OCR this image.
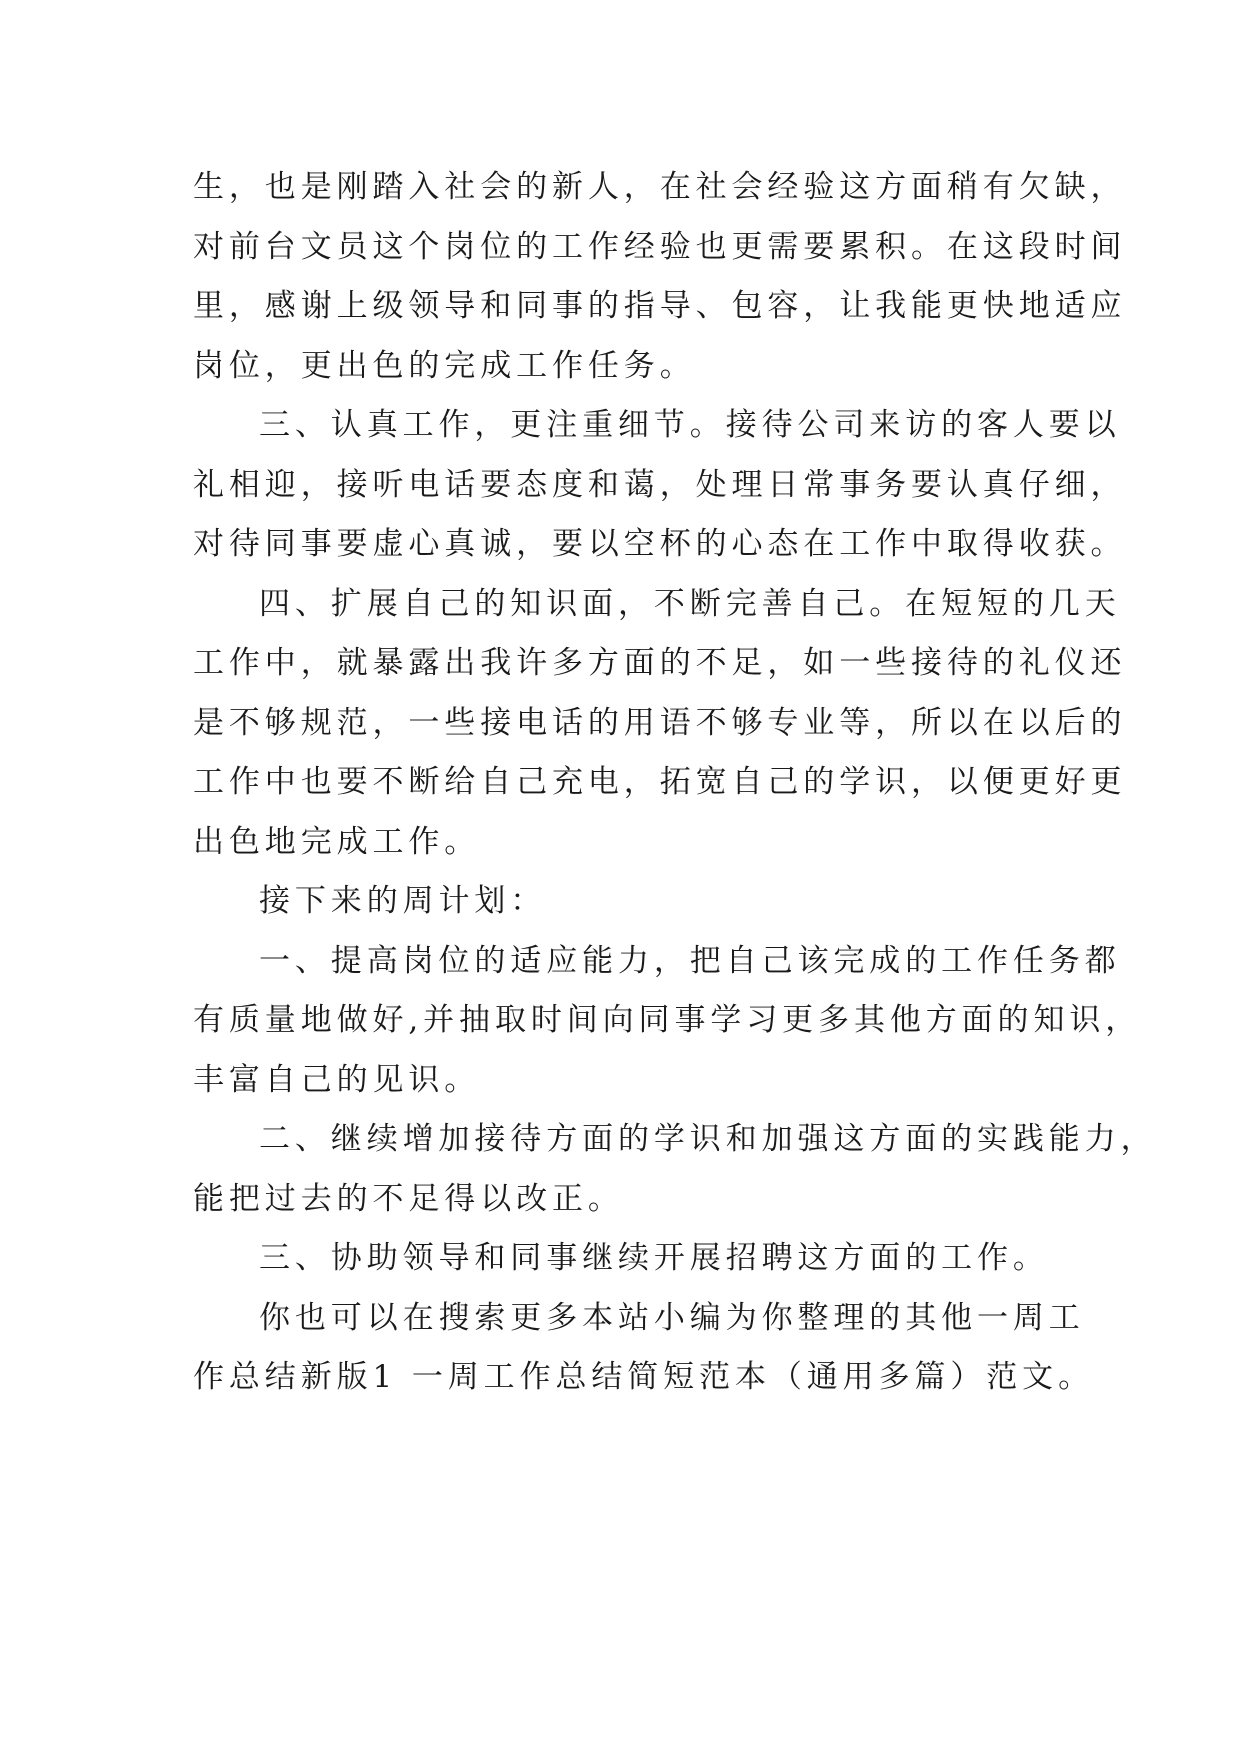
生，也是刚踏入社会的新人，在社会经验这方面稍有欠缺，
对前台文员这个岗位的工作经验也更需要累积。在这段时间
里，感谢上级领导和同事的指导、包容，让我能更快地适应
岗位，更出色的完成工作任务。
三、认真工作，更注重细节。接待公司来访的客人要以
礼相迎，接听电话要态度和蔼，处理日常事务要认真仔细，
对待同事要虚心真诚，要以空杯的心态在工作中取得收获。
四、扩展自己的知识面，不断完善自己。在短短的几天
工作中，就暴露出我许多方面的不足，如一些接待的礼仪还
是不够规范，一些接电话的用语不够专业等，所以在以后的
工作中也要不断给自己充电，拓宽自己的学识，以便更好更
出色地完成工作。
接下来的周计划：
一、提高岗位的适应能力，把自己该完成的工作任务都
有质量地做好,并抽取时间向同事学习更多其他方面的知识，
丰富自己的见识。
二、继续增加接待方面的学识和加强这方面的实践能力，
能把过去的不足得以改正。
三、协助领导和同事继续开展招聘这方面的工作。
你也可以在搜索更多本站小编为你整理的其他一周工
作总结新版1 一周工作总结简短范本（通用多篇）范文。
